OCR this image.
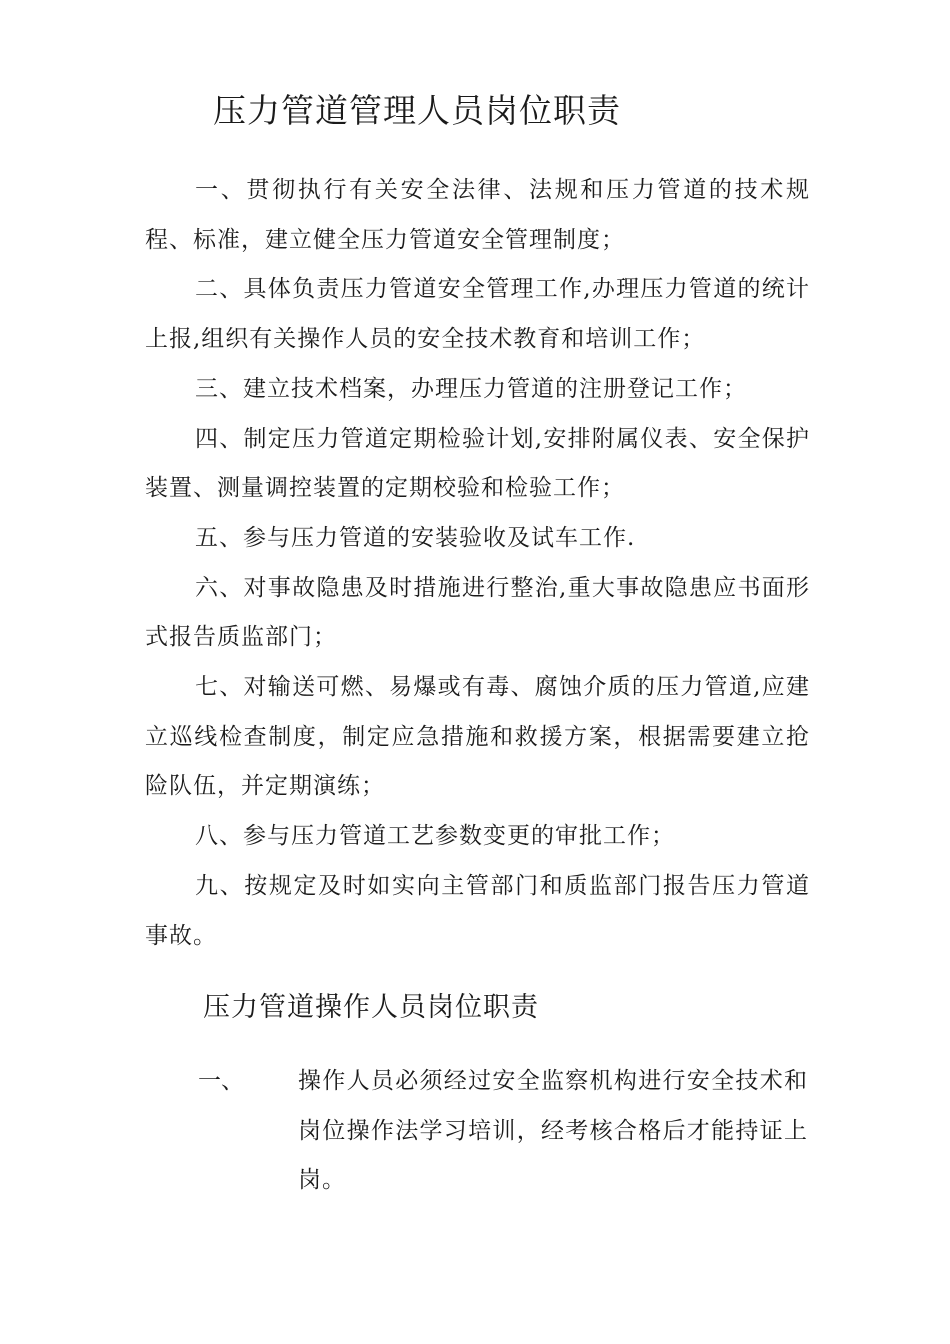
压力管道管理人员岗位职责

一、贯彻执行有关安全法律、法规和压力管道的技术规程、标准，建立健全压力管道安全管理制度；

二、具体负责压力管道安全管理工作,办理压力管道的统计上报,组织有关操作人员的安全技术教育和培训工作；

三、建立技术档案，办理压力管道的注册登记工作；

四、制定压力管道定期检验计划,安排附属仪表、安全保护装置、测量调控装置的定期校验和检验工作；

五、参与压力管道的安装验收及试车工作.

六、对事故隐患及时措施进行整治,重大事故隐患应书面形式报告质监部门；

七、对输送可燃、易爆或有毒、腐蚀介质的压力管道,应建立巡线检查制度，制定应急措施和救援方案，根据需要建立抢险队伍，并定期演练；

八、参与压力管道工艺参数变更的审批工作；

九、按规定及时如实向主管部门和质监部门报告压力管道事故。

压力管道操作人员岗位职责
一、 操作人员必须经过安全监察机构进行安全技术和岗位操作法学习培训，经考核合格后才能持证上岗。
